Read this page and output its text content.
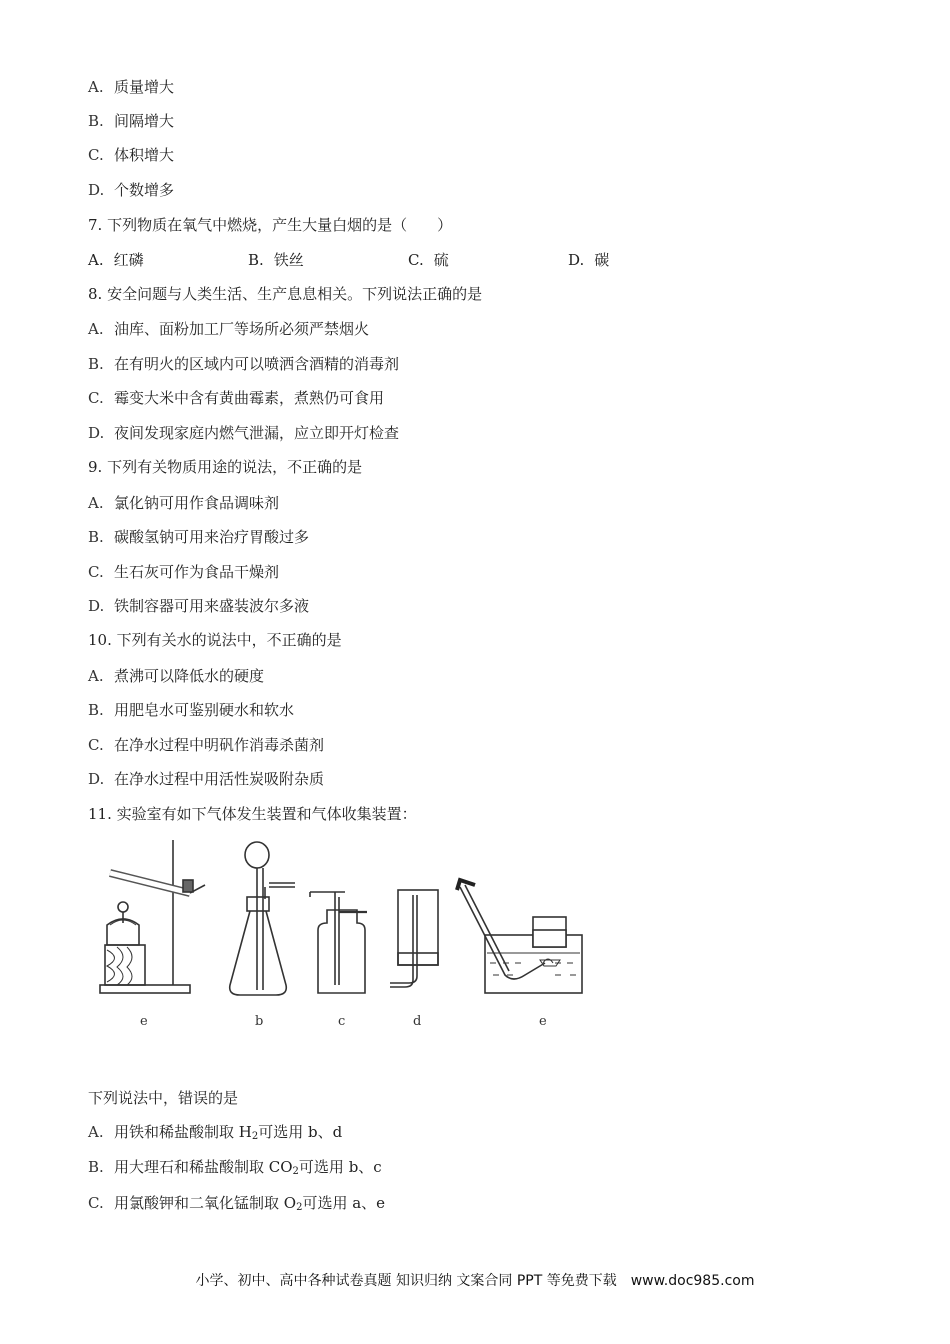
A. 质量增大
B. 间隔增大
C. 体积增大
D. 个数增多
7. 下列物质在氧气中燃烧，产生大量白烟的是（　　）
A. 红磷	B. 铁丝	C. 硫	D. 碳
8. 安全问题与人类生活、生产息息相关。下列说法正确的是
A. 油库、面粉加工厂等场所必须严禁烟火
B. 在有明火的区域内可以喷洒含酒精的消毒剂
C. 霉变大米中含有黄曲霉素，煮熟仍可食用
D. 夜间发现家庭内燃气泄漏，应立即开灯检查
9. 下列有关物质用途的说法，不正确的是
A. 氯化钠可用作食品调味剂
B. 碳酸氢钠可用来治疗胃酸过多
C. 生石灰可作为食品干燥剂
D. 铁制容器可用来盛装波尔多液
10. 下列有关水的说法中，不正确的是
A. 煮沸可以降低水的硬度
B. 用肥皂水可鉴别硬水和软水
C. 在净水过程中明矾作消毒杀菌剂
D. 在净水过程中用活性炭吸附杂质
11. 实验室有如下气体发生装置和气体收集装置：
e	b	c	d	e
下列说法中，错误的是
A. 用铁和稀盐酸制取 $H_2$可选用 b、d
B. 用大理石和稀盐酸制取 $CO_2$可选用 b、c
C. 用氯酸钾和二氧化锰制取 $O_2$可选用 a、e
小学、初中、高中各种试卷真题 知识归纳 文案合同 PPT 等免费下载　www.doc985.com
